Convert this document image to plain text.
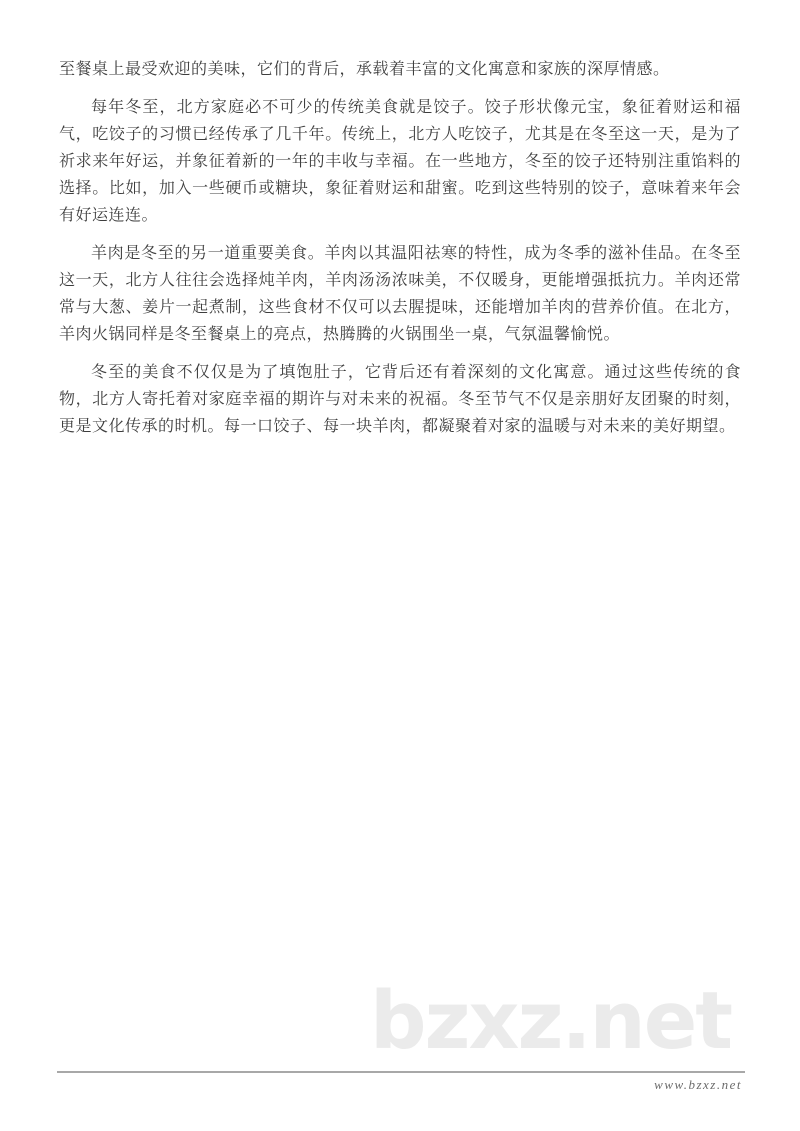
至餐桌上最受欢迎的美味，它们的背后，承载着丰富的文化寓意和家族的深厚情感。

每年冬至，北方家庭必不可少的传统美食就是饺子。饺子形状像元宝，象征着财运和福气，吃饺子的习惯已经传承了几千年。传统上，北方人吃饺子，尤其是在冬至这一天，是为了祈求来年好运，并象征着新的一年的丰收与幸福。在一些地方，冬至的饺子还特别注重馅料的选择。比如，加入一些硬币或糖块，象征着财运和甜蜜。吃到这些特别的饺子，意味着来年会有好运连连。

羊肉是冬至的另一道重要美食。羊肉以其温阳祛寒的特性，成为冬季的滋补佳品。在冬至这一天，北方人往往会选择炖羊肉，羊肉汤汤浓味美，不仅暖身，更能增强抵抗力。羊肉还常常与大葱、姜片一起煮制，这些食材不仅可以去腥提味，还能增加羊肉的营养价值。在北方，羊肉火锅同样是冬至餐桌上的亮点，热腾腾的火锅围坐一桌，气氛温馨愉悦。

冬至的美食不仅仅是为了填饱肚子，它背后还有着深刻的文化寓意。通过这些传统的食物，北方人寄托着对家庭幸福的期许与对未来的祝福。冬至节气不仅是亲朋好友团聚的时刻，更是文化传承的时机。每一口饺子、每一块羊肉，都凝聚着对家的温暖与对未来的美好期望。

bzxz.net
www.bzxz.net
